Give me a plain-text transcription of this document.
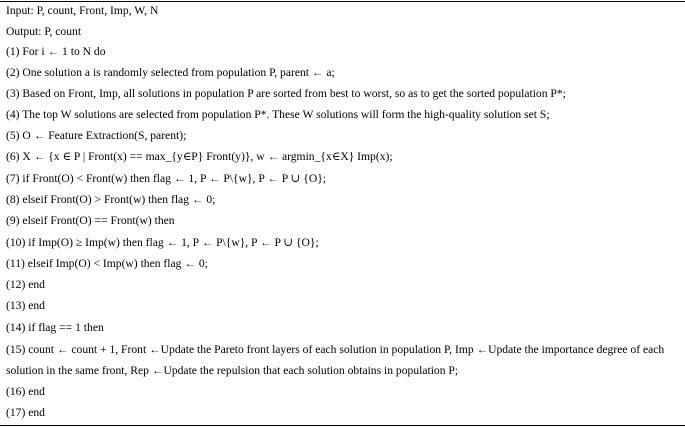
Input: P, count, Front, Imp, W, N
Output: P, count
(1) For i ← 1 to N do
(2) One solution a is randomly selected from population P, parent ← a;
(3) Based on Front, Imp, all solutions in population P are sorted from best to worst, so as to get the sorted population P*;
(4) The top W solutions are selected from population P*. These W solutions will form the high-quality solution set S;
(5) O ← Feature Extraction(S, parent);
(6) X ← {x ∈ P | Front(x) == max_{y∈P} Front(y)}, w ← argmin_{x∈X} Imp(x);
(7) if Front(O) < Front(w) then flag ← 1, P ← P\{w}, P ← P ∪ {O};
(8) elseif Front(O) > Front(w) then flag ← 0;
(9) elseif Front(O) == Front(w) then
(10) if Imp(O) ≥ Imp(w) then flag ← 1, P ← P\{w}, P ← P ∪ {O};
(11) elseif Imp(O) < Imp(w) then flag ← 0;
(12) end
(13) end
(14) if flag == 1 then
(15) count ← count + 1, Front ←Update the Pareto front layers of each solution in population P, Imp ←Update the importance degree of each solution in the same front, Rep ←Update the repulsion that each solution obtains in population P;
(16) end
(17) end
